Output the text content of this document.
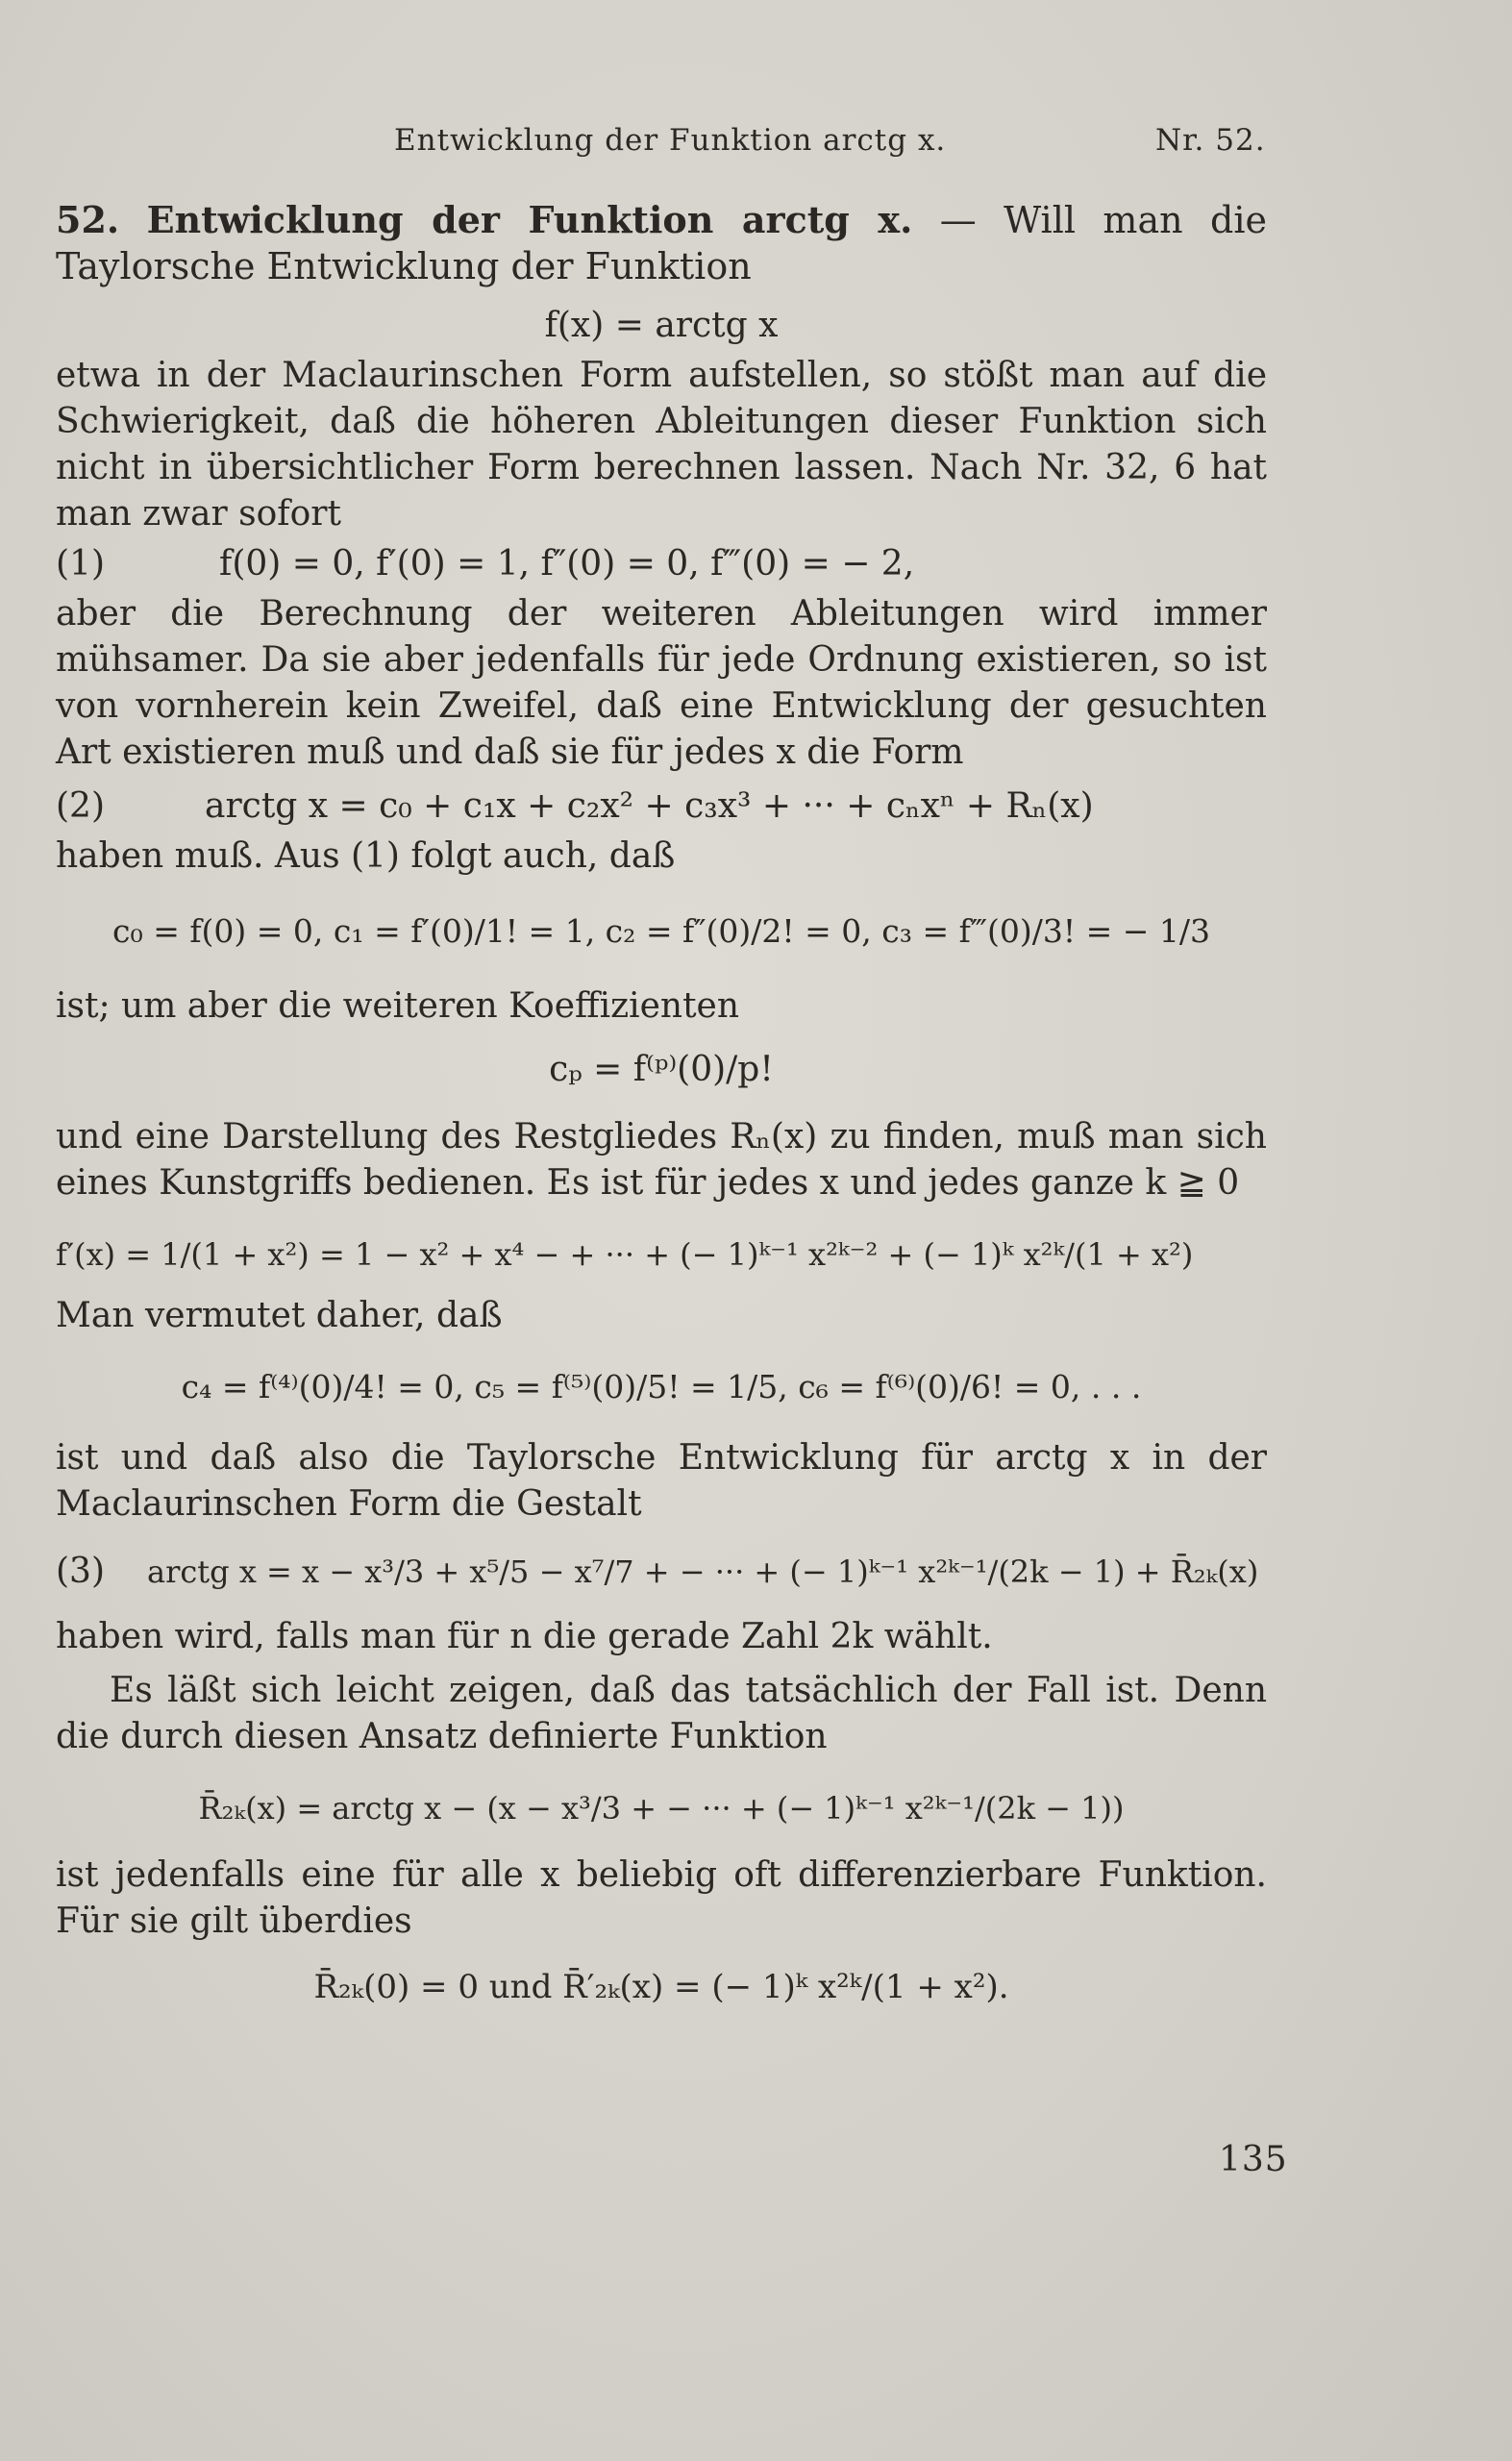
Entwicklung der Funktion arctg x.	Nr. 52.

52. Entwicklung der Funktion arctg x. — Will man die Taylorsche Entwicklung der Funktion

f(x) = arctg x

etwa in der Maclaurinschen Form aufstellen, so stößt man auf die Schwierigkeit, daß die höheren Ableitungen dieser Funktion sich nicht in übersichtlicher Form berechnen lassen. Nach Nr. 32, 6 hat man zwar sofort

(1)	f(0) = 0, f′(0) = 1, f″(0) = 0, f‴(0) = − 2,

aber die Berechnung der weiteren Ableitungen wird immer mühsamer. Da sie aber jedenfalls für jede Ordnung existieren, so ist von vornherein kein Zweifel, daß eine Entwicklung der gesuchten Art existieren muß und daß sie für jedes x die Form

(2)	arctg x = c₀ + c₁x + c₂x² + c₃x³ + ··· + cₙxⁿ + Rₙ(x)

haben muß. Aus (1) folgt auch, daß

c₀ = f(0) = 0, c₁ = f′(0)/1! = 1, c₂ = f″(0)/2! = 0, c₃ = f‴(0)/3! = − 1/3

ist; um aber die weiteren Koeffizienten

cₚ = f⁽ᵖ⁾(0)/p!

und eine Darstellung des Restgliedes Rₙ(x) zu finden, muß man sich eines Kunstgriffs bedienen. Es ist für jedes x und jedes ganze k ≧ 0

f′(x) = 1/(1 + x²) = 1 − x² + x⁴ − + ··· + (− 1)ᵏ⁻¹ x²ᵏ⁻² + (− 1)ᵏ x²ᵏ/(1 + x²)

Man vermutet daher, daß

c₄ = f⁽⁴⁾(0)/4! = 0, c₅ = f⁽⁵⁾(0)/5! = 1/5, c₆ = f⁽⁶⁾(0)/6! = 0, . . .

ist und daß also die Taylorsche Entwicklung für arctg x in der Maclaurinschen Form die Gestalt

(3) arctg x = x − x³/3 + x⁵/5 − x⁷/7 + − ··· + (− 1)ᵏ⁻¹ x²ᵏ⁻¹/(2k − 1) + R̄₂ₖ(x)

haben wird, falls man für n die gerade Zahl 2k wählt.

Es läßt sich leicht zeigen, daß das tatsächlich der Fall ist. Denn die durch diesen Ansatz definierte Funktion

R̄₂ₖ(x) = arctg x − (x − x³/3 + − ··· + (− 1)ᵏ⁻¹ x²ᵏ⁻¹/(2k − 1))

ist jedenfalls eine für alle x beliebig oft differenzierbare Funktion. Für sie gilt überdies

R̄₂ₖ(0) = 0 und R̄′₂ₖ(x) = (− 1)ᵏ x²ᵏ/(1 + x²).
135
